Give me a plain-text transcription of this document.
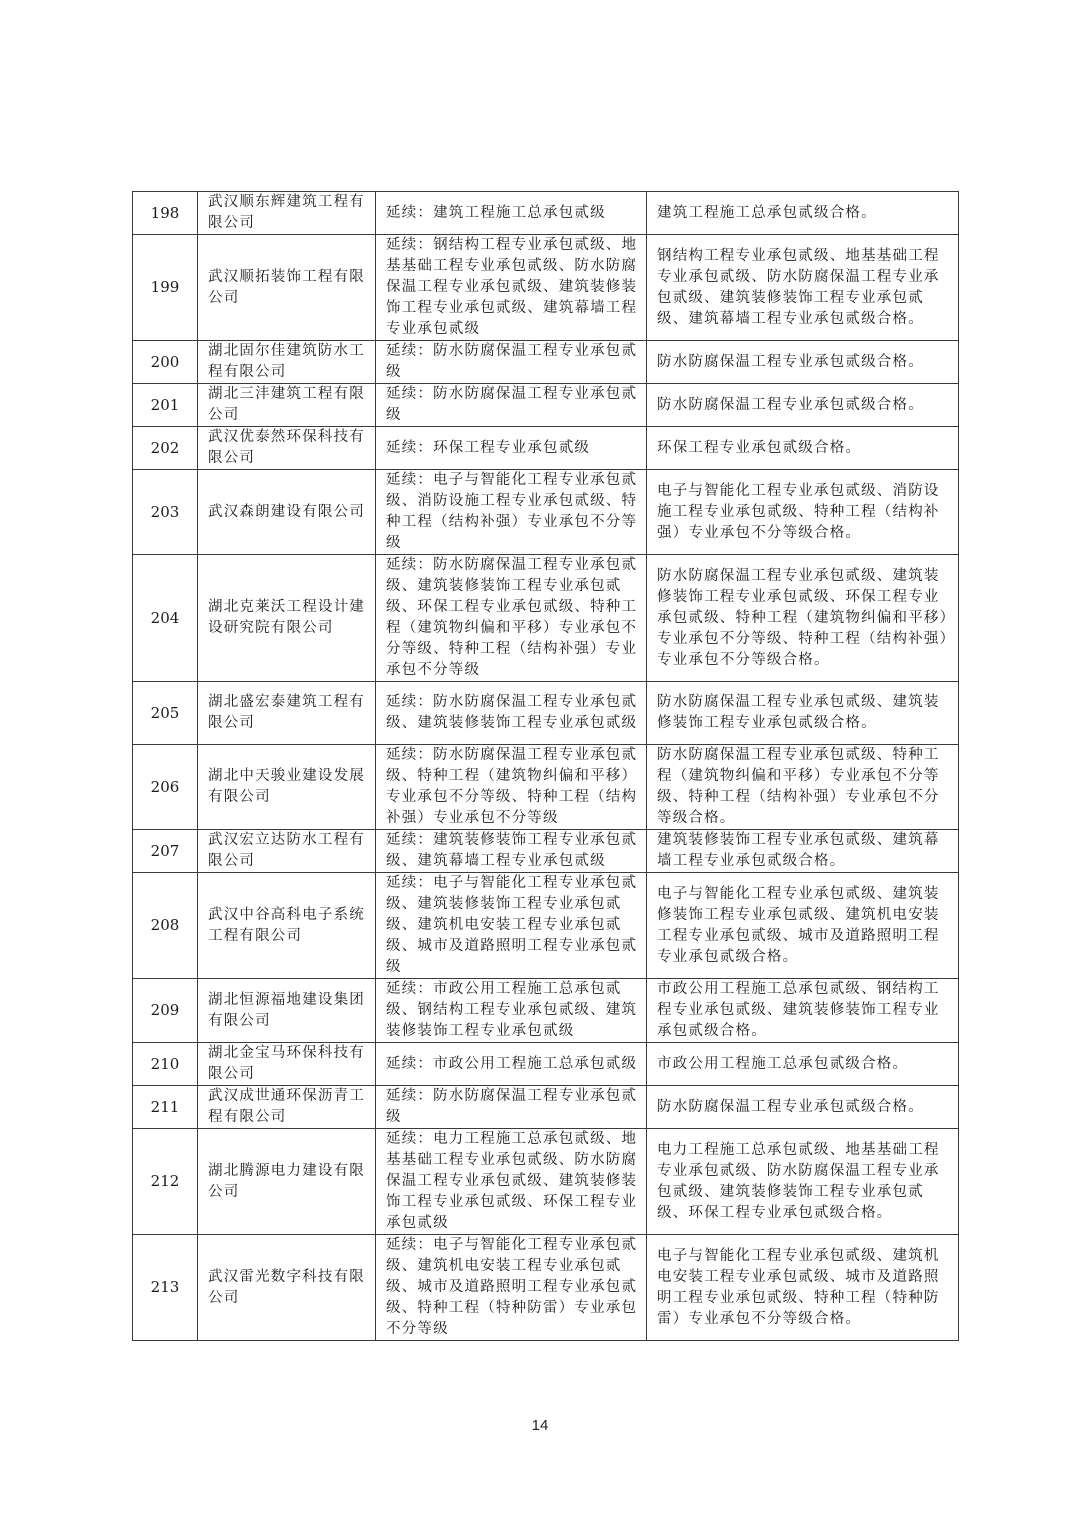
198	武汉顺东辉建筑工程有限公司	延续：建筑工程施工总承包贰级	建筑工程施工总承包贰级合格。
199	武汉顺拓装饰工程有限公司	延续：钢结构工程专业承包贰级、地基基础工程专业承包贰级、防水防腐保温工程专业承包贰级、建筑装修装饰工程专业承包贰级、建筑幕墙工程专业承包贰级	钢结构工程专业承包贰级、地基基础工程专业承包贰级、防水防腐保温工程专业承包贰级、建筑装修装饰工程专业承包贰级、建筑幕墙工程专业承包贰级合格。
200	湖北固尔佳建筑防水工程有限公司	延续：防水防腐保温工程专业承包贰级	防水防腐保温工程专业承包贰级合格。
201	湖北三沣建筑工程有限公司	延续：防水防腐保温工程专业承包贰级	防水防腐保温工程专业承包贰级合格。
202	武汉优泰然环保科技有限公司	延续：环保工程专业承包贰级	环保工程专业承包贰级合格。
203	武汉森朗建设有限公司	延续：电子与智能化工程专业承包贰级、消防设施工程专业承包贰级、特种工程（结构补强）专业承包不分等级	电子与智能化工程专业承包贰级、消防设施工程专业承包贰级、特种工程（结构补强）专业承包不分等级合格。
204	湖北克莱沃工程设计建设研究院有限公司	延续：防水防腐保温工程专业承包贰级、建筑装修装饰工程专业承包贰级、环保工程专业承包贰级、特种工程（建筑物纠偏和平移）专业承包不分等级、特种工程（结构补强）专业承包不分等级	防水防腐保温工程专业承包贰级、建筑装修装饰工程专业承包贰级、环保工程专业承包贰级、特种工程（建筑物纠偏和平移）专业承包不分等级、特种工程（结构补强）专业承包不分等级合格。
205	湖北盛宏泰建筑工程有限公司	延续：防水防腐保温工程专业承包贰级、建筑装修装饰工程专业承包贰级	防水防腐保温工程专业承包贰级、建筑装修装饰工程专业承包贰级合格。
206	湖北中天骏业建设发展有限公司	延续：防水防腐保温工程专业承包贰级、特种工程（建筑物纠偏和平移）专业承包不分等级、特种工程（结构补强）专业承包不分等级	防水防腐保温工程专业承包贰级、特种工程（建筑物纠偏和平移）专业承包不分等级、特种工程（结构补强）专业承包不分等级合格。
207	武汉宏立达防水工程有限公司	延续：建筑装修装饰工程专业承包贰级、建筑幕墙工程专业承包贰级	建筑装修装饰工程专业承包贰级、建筑幕墙工程专业承包贰级合格。
208	武汉中谷高科电子系统工程有限公司	延续：电子与智能化工程专业承包贰级、建筑装修装饰工程专业承包贰级、建筑机电安装工程专业承包贰级、城市及道路照明工程专业承包贰级	电子与智能化工程专业承包贰级、建筑装修装饰工程专业承包贰级、建筑机电安装工程专业承包贰级、城市及道路照明工程专业承包贰级合格。
209	湖北恒源福地建设集团有限公司	延续：市政公用工程施工总承包贰级、钢结构工程专业承包贰级、建筑装修装饰工程专业承包贰级	市政公用工程施工总承包贰级、钢结构工程专业承包贰级、建筑装修装饰工程专业承包贰级合格。
210	湖北金宝马环保科技有限公司	延续：市政公用工程施工总承包贰级	市政公用工程施工总承包贰级合格。
211	武汉成世通环保沥青工程有限公司	延续：防水防腐保温工程专业承包贰级	防水防腐保温工程专业承包贰级合格。
212	湖北腾源电力建设有限公司	延续：电力工程施工总承包贰级、地基基础工程专业承包贰级、防水防腐保温工程专业承包贰级、建筑装修装饰工程专业承包贰级、环保工程专业承包贰级	电力工程施工总承包贰级、地基基础工程专业承包贰级、防水防腐保温工程专业承包贰级、建筑装修装饰工程专业承包贰级、环保工程专业承包贰级合格。
213	武汉雷光数字科技有限公司	延续：电子与智能化工程专业承包贰级、建筑机电安装工程专业承包贰级、城市及道路照明工程专业承包贰级、特种工程（特种防雷）专业承包不分等级	电子与智能化工程专业承包贰级、建筑机电安装工程专业承包贰级、城市及道路照明工程专业承包贰级、特种工程（特种防雷）专业承包不分等级合格。
14
